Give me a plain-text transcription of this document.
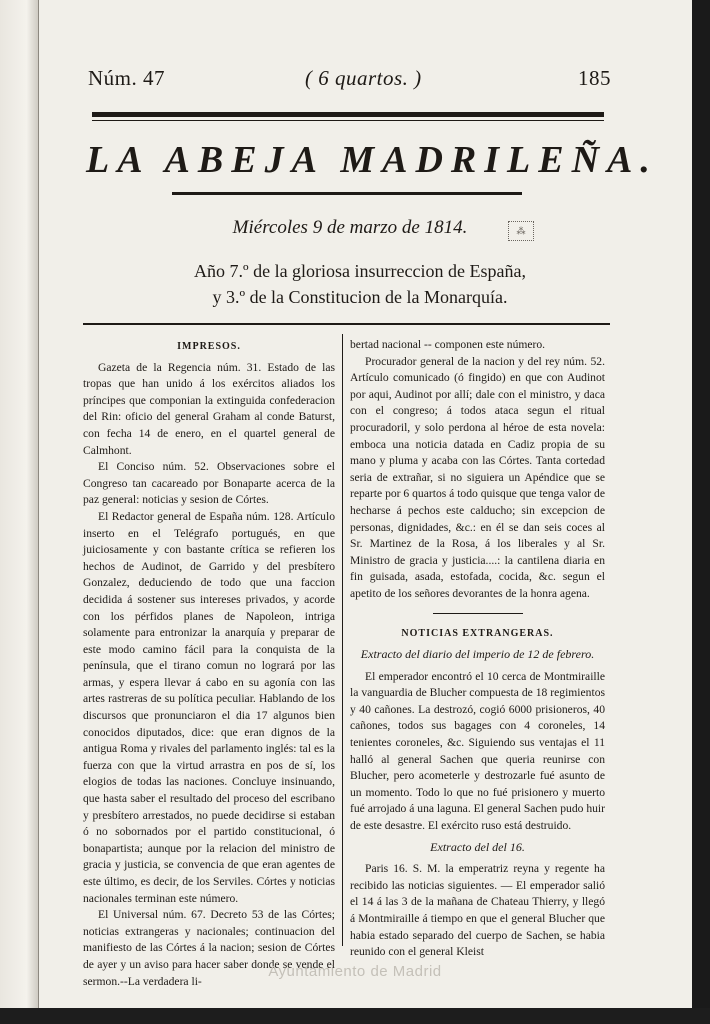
Núm. 47	( 6 quartos. )	185
LA ABEJA MADRILEÑA.
Miércoles 9 de marzo de 1814.	⁂
Año 7.º de la gloriosa insurreccion de España,
y 3.º de la Constitucion de la Monarquía.
IMPRESOS.

Gazeta de la Regencia núm. 31. Estado de las tropas que han unido á los exércitos aliados los príncipes que componian la extinguida confederacion del Rin: oficio del general Graham al conde Baturst, con fecha 14 de enero, en el quartel general de Calmhont.

El Conciso núm. 52. Observaciones sobre el Congreso tan cacareado por Bonaparte acerca de la paz general: noticias y sesion de Córtes.

El Redactor general de España núm. 128. Artículo inserto en el Telégrafo portugués, en que juiciosamente y con bastante crítica se refieren los hechos de Audinot, de Garrido y del presbítero Gonzalez, deduciendo de todo que una faccion decidida á sostener sus intereses privados, y acorde con los pérfidos planes de Napoleon, intriga solamente para entronizar la anarquía y preparar de este modo camino fácil para la conquista de la península, que el tirano comun no logrará por las armas, y espera llevar á cabo en su agonía con las artes rastreras de su política peculiar. Hablando de los discursos que pronunciaron el dia 17 algunos bien conocidos diputados, dice: que eran dignos de la antigua Roma y rivales del parlamento inglés: tal es la fuerza con que la virtud arrastra en pos de sí, los elogios de todas las naciones. Concluye insinuando, que hasta saber el resultado del proceso del escribano y presbítero arrestados, no puede decidirse si estaban ó no sobornados por el partido constitucional, ó bonapartista; aunque por la relacion del ministro de gracia y justicia, se convencia de que eran agentes de este último, es decir, de los Serviles. Córtes y noticias nacionales terminan este número.

El Universal núm. 67. Decreto 53 de las Córtes; noticias extrangeras y nacionales; continuacion del manifiesto de las Córtes á la nacion; sesion de Córtes de ayer y un aviso para hacer saber donde se vende el sermon.--La verdadera li-

bertad nacional -- componen este número.

Procurador general de la nacion y del rey núm. 52. Artículo comunicado (ó fingido) en que con Audinot por aqui, Audinot por allí; dale con el ministro, y daca con el congreso; á todos ataca segun el ritual procuradoril, y solo perdona al héroe de esta novela: emboca una noticia datada en Cadiz propia de su mano y pluma y acaba con las Córtes. Tanta cortedad seria de extrañar, si no siguiera un Apéndice que se reparte por 6 quartos á todo quisque que tenga valor de hecharse á pechos este calducho; sin excepcion de personas, dignidades, &c.: en él se dan seis coces al Sr. Martinez de la Rosa, á los liberales y al Sr. Ministro de gracia y justicia....: la cantilena diaria en fin guisada, asada, estofada, cocida, &c. segun el apetito de los señores devorantes de la honra agena.

NOTICIAS EXTRANGERAS.
Extracto del diario del imperio de 12 de febrero.

El emperador encontró el 10 cerca de Montmiraille la vanguardia de Blucher compuesta de 18 regimientos y 40 cañones. La destrozó, cogió 6000 prisioneros, 40 cañones, todos sus bagages con 4 coroneles, 14 tenientes coroneles, &c. Siguiendo sus ventajas el 11 halló al general Sachen que queria reunirse con Blucher, pero acometerle y destrozarle fué asunto de un momento. Todo lo que no fué prisionero y muerto fué arrojado á una laguna. El general Sachen pudo huir de este desastre. El exército ruso está destruido.

Extracto del del 16.

Paris 16. S. M. la emperatriz reyna y regente ha recibido las noticias siguientes. — El emperador salió el 14 á las 3 de la mañana de Chateau Thierry, y llegó á Montmiraille á tiempo en que el general Blucher que habia estado separado del cuerpo de Sachen, se habia reunido con el general Kleist

Ayuntamiento de Madrid
